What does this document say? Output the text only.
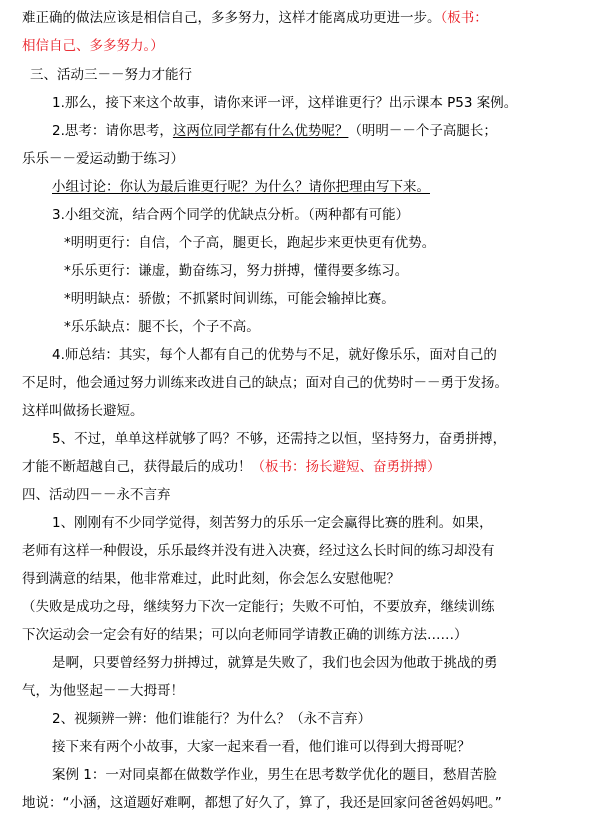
难正确的做法应该是相信自己，多多努力，这样才能离成功更进一步。（板书：
相信自己、多多努力。）
三、活动三－－努力才能行
1.那么，接下来这个故事，请你来评一评，这样谁更行？出示课本 P53 案例。
2.思考：请你思考，这两位同学都有什么优势呢？（明明－－个子高腿长；
乐乐－－爱运动勤于练习）
小组讨论：你认为最后谁更行呢？为什么？请你把理由写下来。
3.小组交流，结合两个同学的优缺点分析。（两种都有可能）
*明明更行：自信，个子高，腿更长，跑起步来更快更有优势。
*乐乐更行：谦虚，勤奋练习，努力拼搏，懂得要多练习。
*明明缺点：骄傲；不抓紧时间训练，可能会输掉比赛。
*乐乐缺点：腿不长，个子不高。
4.师总结：其实，每个人都有自己的优势与不足，就好像乐乐，面对自己的
不足时，他会通过努力训练来改进自己的缺点；面对自己的优势时－－勇于发扬。
这样叫做扬长避短。
5、不过，单单这样就够了吗？不够，还需持之以恒，坚持努力，奋勇拼搏，
才能不断超越自己，获得最后的成功！（板书：扬长避短、奋勇拼搏）
四、活动四－－永不言弃
1、刚刚有不少同学觉得，刻苦努力的乐乐一定会赢得比赛的胜利。如果，
老师有这样一种假设，乐乐最终并没有进入决赛，经过这么长时间的练习却没有
得到满意的结果，他非常难过，此时此刻，你会怎么安慰他呢？
（失败是成功之母，继续努力下次一定能行；失败不可怕，不要放弃，继续训练
下次运动会一定会有好的结果；可以向老师同学请教正确的训练方法……）
是啊，只要曾经努力拼搏过，就算是失败了，我们也会因为他敢于挑战的勇
气，为他竖起－－大拇哥！
2、视频辨一辨：他们谁能行？为什么？（永不言弃）
接下来有两个小故事，大家一起来看一看，他们谁可以得到大拇哥呢？
案例 1：一对同桌都在做数学作业，男生在思考数学优化的题目，愁眉苦脸
地说：“小涵，这道题好难啊，都想了好久了，算了，我还是回家问爸爸妈妈吧。”
